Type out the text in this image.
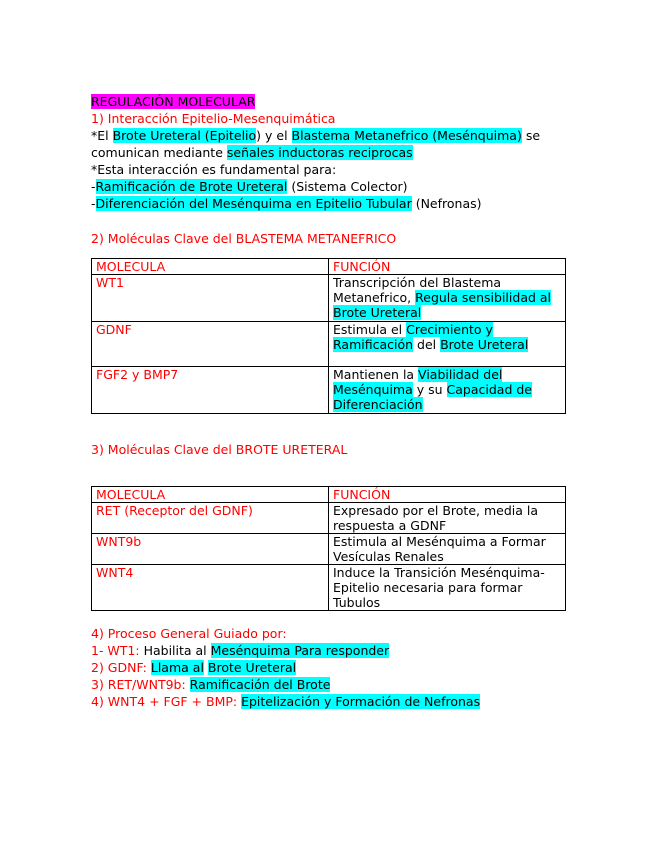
REGULACIÓN MOLECULAR
1) Interacción Epitelio-Mesenquimática
*El Brote Ureteral (Epitelio) y el Blastema Metanefrico (Mesénquima) se
comunican mediante señales inductoras reciprocas
*Esta interacción es fundamental para:
-Ramificación de Brote Ureteral (Sistema Colector)
-Diferenciación del Mesénquima en Epitelio Tubular (Nefronas)
2) Moléculas Clave del BLASTEMA METANEFRICO
MOLECULA	FUNCIÓN
WT1	Transcripción del Blastema Metanefrico, Regula sensibilidad al Brote Ureteral
GDNF	Estimula el Crecimiento y Ramificación del Brote Ureteral
FGF2 y BMP7	Mantienen la Viabilidad del Mesénquima y su Capacidad de Diferenciación
3) Moléculas Clave del BROTE URETERAL
MOLECULA	FUNCIÓN
RET (Receptor del GDNF)	Expresado por el Brote, media la respuesta a GDNF
WNT9b	Estimula al Mesénquima a Formar Vesículas Renales
WNT4	Induce la Transición Mesénquima-Epitelio necesaria para formar Tubulos
4) Proceso General Guiado por:
1- WT1: Habilita al Mesénquima Para responder
2) GDNF: Llama al Brote Ureteral
3) RET/WNT9b: Ramificación del Brote
4) WNT4 + FGF + BMP: Epitelización y Formación de Nefronas
